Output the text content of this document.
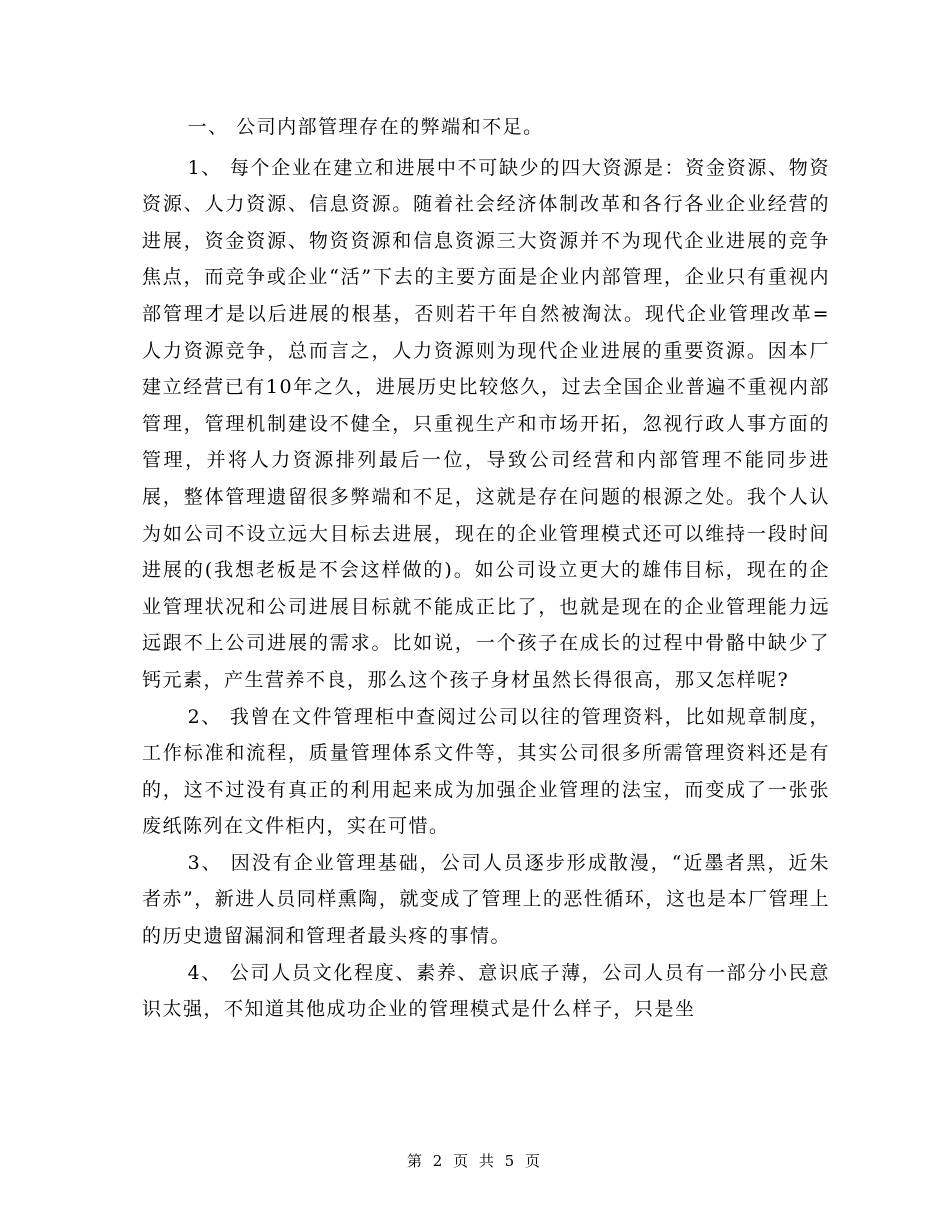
一、 公司内部管理存在的弊端和不足。

1、 每个企业在建立和进展中不可缺少的四大资源是：资金资源、物资资源、人力资源、信息资源。随着社会经济体制改革和各行各业企业经营的进展，资金资源、物资资源和信息资源三大资源并不为现代企业进展的竞争焦点，而竞争或企业“活”下去的主要方面是企业内部管理，企业只有重视内部管理才是以后进展的根基，否则若干年自然被淘汰。现代企业管理改革=人力资源竞争，总而言之，人力资源则为现代企业进展的重要资源。因本厂建立经营已有10年之久，进展历史比较悠久，过去全国企业普遍不重视内部管理，管理机制建设不健全，只重视生产和市场开拓，忽视行政人事方面的管理，并将人力资源排列最后一位，导致公司经营和内部管理不能同步进展，整体管理遗留很多弊端和不足，这就是存在问题的根源之处。我个人认为如公司不设立远大目标去进展，现在的企业管理模式还可以维持一段时间进展的(我想老板是不会这样做的)。如公司设立更大的雄伟目标，现在的企业管理状况和公司进展目标就不能成正比了，也就是现在的企业管理能力远远跟不上公司进展的需求。比如说，一个孩子在成长的过程中骨骼中缺少了钙元素，产生营养不良，那么这个孩子身材虽然长得很高，那又怎样呢?

2、 我曾在文件管理柜中查阅过公司以往的管理资料，比如规章制度，工作标准和流程，质量管理体系文件等，其实公司很多所需管理资料还是有的，这不过没有真正的利用起来成为加强企业管理的法宝，而变成了一张张废纸陈列在文件柜内，实在可惜。

3、 因没有企业管理基础，公司人员逐步形成散漫，“近墨者黑，近朱者赤”，新进人员同样熏陶，就变成了管理上的恶性循环，这也是本厂管理上的历史遗留漏洞和管理者最头疼的事情。

4、 公司人员文化程度、素养、意识底子薄，公司人员有一部分小民意识太强，不知道其他成功企业的管理模式是什么样子，只是坐

第 2 页 共 5 页
